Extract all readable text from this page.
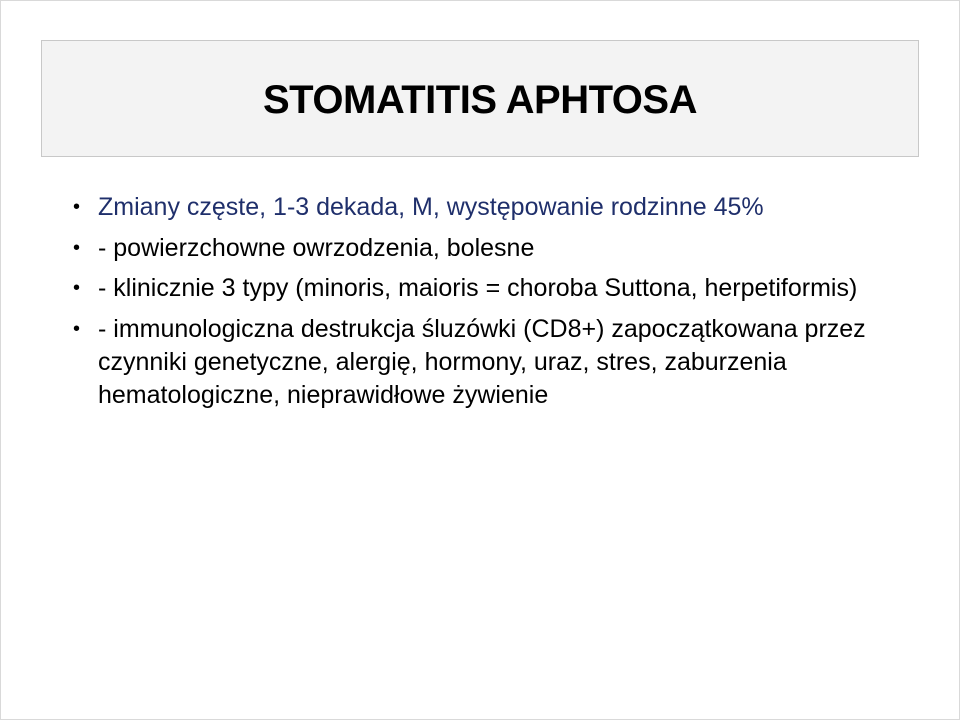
STOMATITIS APHTOSA
• Zmiany częste, 1-3 dekada, M, występowanie rodzinne 45%
• - powierzchowne owrzodzenia, bolesne
• - klinicznie 3 typy (minoris, maioris = choroba Suttona, herpetiformis)
• - immunologiczna destrukcja śluzówki (CD8+) zapoczątkowana przez czynniki genetyczne, alergię, hormony, uraz, stres, zaburzenia hematologiczne, nieprawidłowe żywienie
